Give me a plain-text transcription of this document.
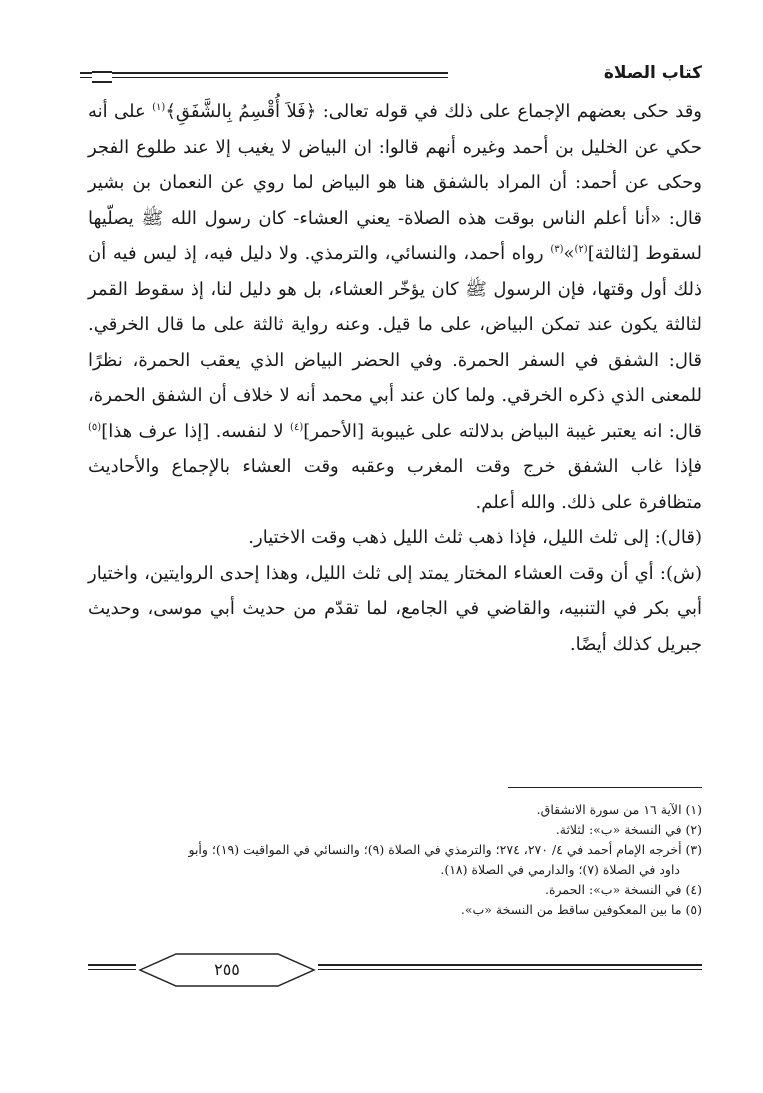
كتاب الصلاة

وقد حكى بعضهم الإجماع على ذلك في قوله تعالى: ﴿فَلاَ أُقْسِمُ بِالشَّفَقِ﴾$^{(١)}$ على أنه حكي عن الخليل بن أحمد وغيره أنهم قالوا: ان البياض لا يغيب إلا عند طلوع الفجر وحكى عن أحمد: أن المراد بالشفق هنا هو البياض لما روي عن النعمان بن بشير قال: «أنا أعلم الناس بوقت هذه الصلاة- يعني العشاء- كان رسول الله ﷺ يصلّيها لسقوط [لثالثة]$^{(٢)}$»$^{(٣)}$ رواه أحمد، والنسائي، والترمذي. ولا دليل فيه، إذ ليس فيه أن ذلك أول وقتها، فإن الرسول ﷺ كان يؤخّر العشاء، بل هو دليل لنا، إذ سقوط القمر لثالثة يكون عند تمكن البياض، على ما قيل. وعنه رواية ثالثة على ما قال الخرقي. قال: الشفق في السفر الحمرة. وفي الحضر البياض الذي يعقب الحمرة، نظرًا للمعنى الذي ذكره الخرقي. ولما كان عند أبي محمد أنه لا خلاف أن الشفق الحمرة، قال: انه يعتبر غيبة البياض بدلالته على غيبوبة [الأحمر]$^{(٤)}$ لا لنفسه. [إذا عرف هذا]$^{(٥)}$ فإذا غاب الشفق خرج وقت المغرب وعقبه وقت العشاء بالإجماع والأحاديث متظافرة على ذلك. والله أعلم.

(قال): إلى ثلث الليل، فإذا ذهب ثلث الليل ذهب وقت الاختيار.

(ش): أي أن وقت العشاء المختار يمتد إلى ثلث الليل، وهذا إحدى الروايتين، واختيار أبي بكر في التنبيه، والقاضي في الجامع، لما تقدّم من حديث أبي موسى، وحديث جبريل كذلك أيضًا.

(١) الآية ١٦ من سورة الانشقاق.

(٢) في النسخة «ب»: لثلاثة.

(٣) أخرجه الإمام أحمد في ٤/ ٢٧٠، ٢٧٤؛ والترمذي في الصلاة (٩)؛ والنسائي في المواقيت (١٩)؛ وأبو

داود في الصلاة (٧)؛ والدارمي في الصلاة (١٨).

(٤) في النسخة «ب»: الحمرة.

(٥) ما بين المعكوفين ساقط من النسخة «ب».

٢٥٥
